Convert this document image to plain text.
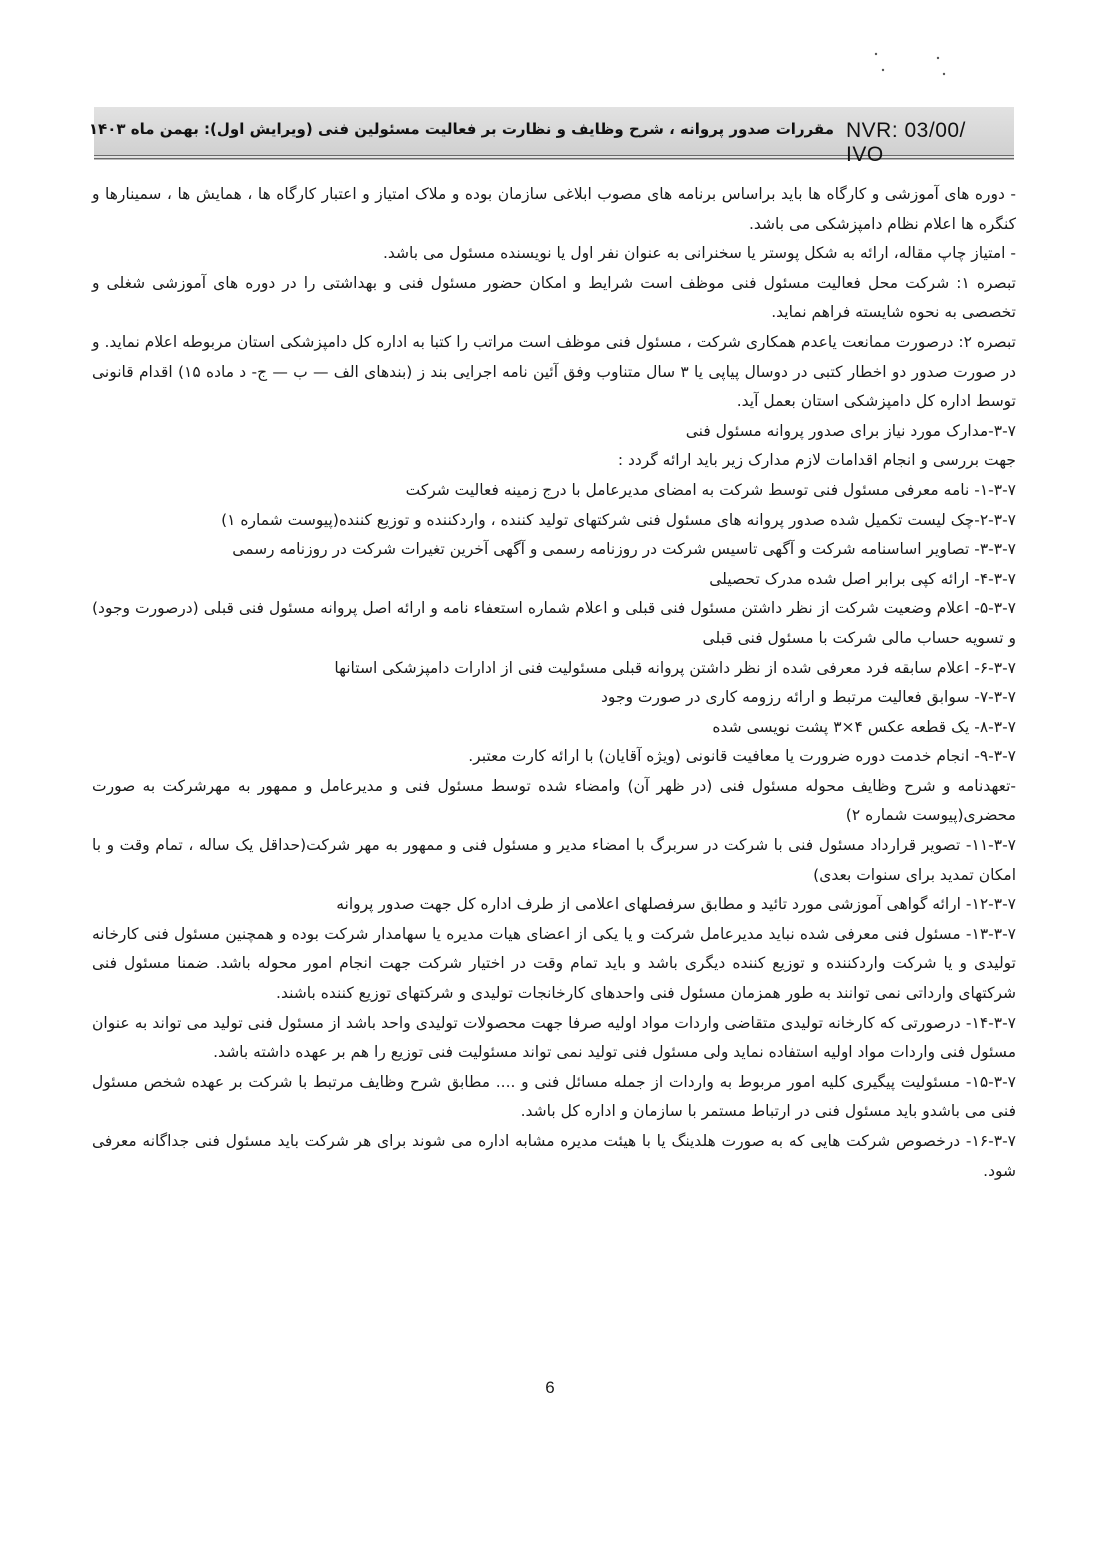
NVR: 03/00/ IVO
مقررات صدور پروانه ، شرح وظایف و نظارت بر فعالیت مسئولین فنی (ویرایش اول): بهمن ماه ۱۴۰۳

- دوره های آموزشی و کارگاه ها باید براساس برنامه های مصوب ابلاغی سازمان بوده و ملاک امتیاز و اعتبار کارگاه ها ، همایش ها ، سمینارها و کنگره ها اعلام نظام دامپزشکی می باشد.

- امتیاز چاپ مقاله، ارائه به شکل پوستر یا سخنرانی به عنوان نفر اول یا نویسنده مسئول می باشد.

تبصره ۱: شرکت محل فعالیت مسئول فنی موظف است شرایط و امکان حضور مسئول فنی و بهداشتی را در دوره های آموزشی شغلی و تخصصی به نحوه شایسته فراهم نماید.

تبصره ۲: درصورت ممانعت یاعدم همکاری شرکت ، مسئول فنی موظف است مراتب را کتبا به اداره کل دامپزشکی استان مربوطه اعلام نماید. و در صورت صدور دو اخطار کتبی در دوسال پیاپی یا ۳ سال متناوب وفق آئین نامه اجرایی بند ز (بندهای الف — ب — ج- د ماده ۱۵) اقدام قانونی توسط اداره کل دامپزشکی استان بعمل آید.

۳-۷-مدارک مورد نیاز برای صدور پروانه مسئول فنی

جهت بررسی و انجام اقدامات لازم مدارک زیر باید ارائه گردد :

۱-۳-۷- نامه معرفی مسئول فنی توسط شرکت به امضای مدیرعامل با درج زمینه فعالیت شرکت

۲-۳-۷-چک لیست تکمیل شده صدور پروانه های مسئول فنی شرکتهای تولید کننده ، واردکننده و توزیع کننده(پیوست شماره ۱)

۳-۳-۷- تصاویر اساسنامه شرکت و آگهی تاسیس شرکت در روزنامه رسمی و آگهی آخرین تغیرات شرکت در روزنامه رسمی

۴-۳-۷- ارائه کپی برابر اصل شده مدرک تحصیلی

۵-۳-۷- اعلام وضعیت شرکت از نظر داشتن مسئول فنی قبلی و اعلام شماره استعفاء نامه و ارائه اصل پروانه مسئول فنی قبلی (درصورت وجود) و تسویه حساب مالی شرکت با مسئول فنی قبلی

۶-۳-۷- اعلام سابقه فرد معرفی شده از نظر داشتن پروانه قبلی مسئولیت فنی از ادارات دامپزشکی استانها

۷-۳-۷- سوابق فعالیت مرتبط و ارائه رزومه کاری در صورت وجود

۸-۳-۷- یک قطعه عکس ۴×۳ پشت نویسی شده

۹-۳-۷- انجام خدمت دوره ضرورت یا معافیت قانونی (ویژه آقایان) با ارائه کارت معتبر.

-تعهدنامه و شرح وظایف محوله مسئول فنی (در ظهر آن) وامضاء شده توسط مسئول فنی و مدیرعامل و ممهور به مهرشرکت به صورت محضری(پیوست شماره ۲)

۱۱-۳-۷- تصویر قرارداد مسئول فنی با شرکت در سربرگ با امضاء مدیر و مسئول فنی و ممهور به مهر شرکت(حداقل یک ساله ، تمام وقت و با امکان تمدید برای سنوات بعدی)

۱۲-۳-۷- ارائه گواهی آموزشی مورد تائید و مطابق سرفصلهای اعلامی از طرف اداره کل جهت صدور پروانه

۱۳-۳-۷- مسئول فنی معرفی شده نباید مدیرعامل شرکت و یا یکی از اعضای هیات مدیره یا سهامدار شرکت بوده و همچنین مسئول فنی کارخانه تولیدی و یا شرکت واردکننده و توزیع کننده دیگری باشد و باید تمام وقت در اختیار شرکت جهت انجام امور محوله باشد. ضمنا مسئول فنی شرکتهای وارداتی نمی توانند به طور همزمان مسئول فنی واحدهای کارخانجات تولیدی و شرکتهای توزیع کننده باشند.

۱۴-۳-۷- درصورتی که کارخانه تولیدی متقاضی واردات مواد اولیه صرفا جهت محصولات تولیدی واحد باشد از مسئول فنی تولید می تواند به عنوان مسئول فنی واردات مواد اولیه استفاده نماید ولی مسئول فنی تولید نمی تواند مسئولیت فنی توزیع را هم بر عهده داشته باشد.

۱۵-۳-۷- مسئولیت پیگیری کلیه امور مربوط به واردات از جمله مسائل فنی و .... مطابق شرح وظایف مرتبط با شرکت بر عهده شخص مسئول فنی می باشدو باید مسئول فنی در ارتباط مستمر با سازمان و اداره کل باشد.

۱۶-۳-۷- درخصوص شرکت هایی که به صورت هلدینگ یا با هیئت مدیره مشابه اداره می شوند برای هر شرکت باید مسئول فنی جداگانه معرفی شود.

6
